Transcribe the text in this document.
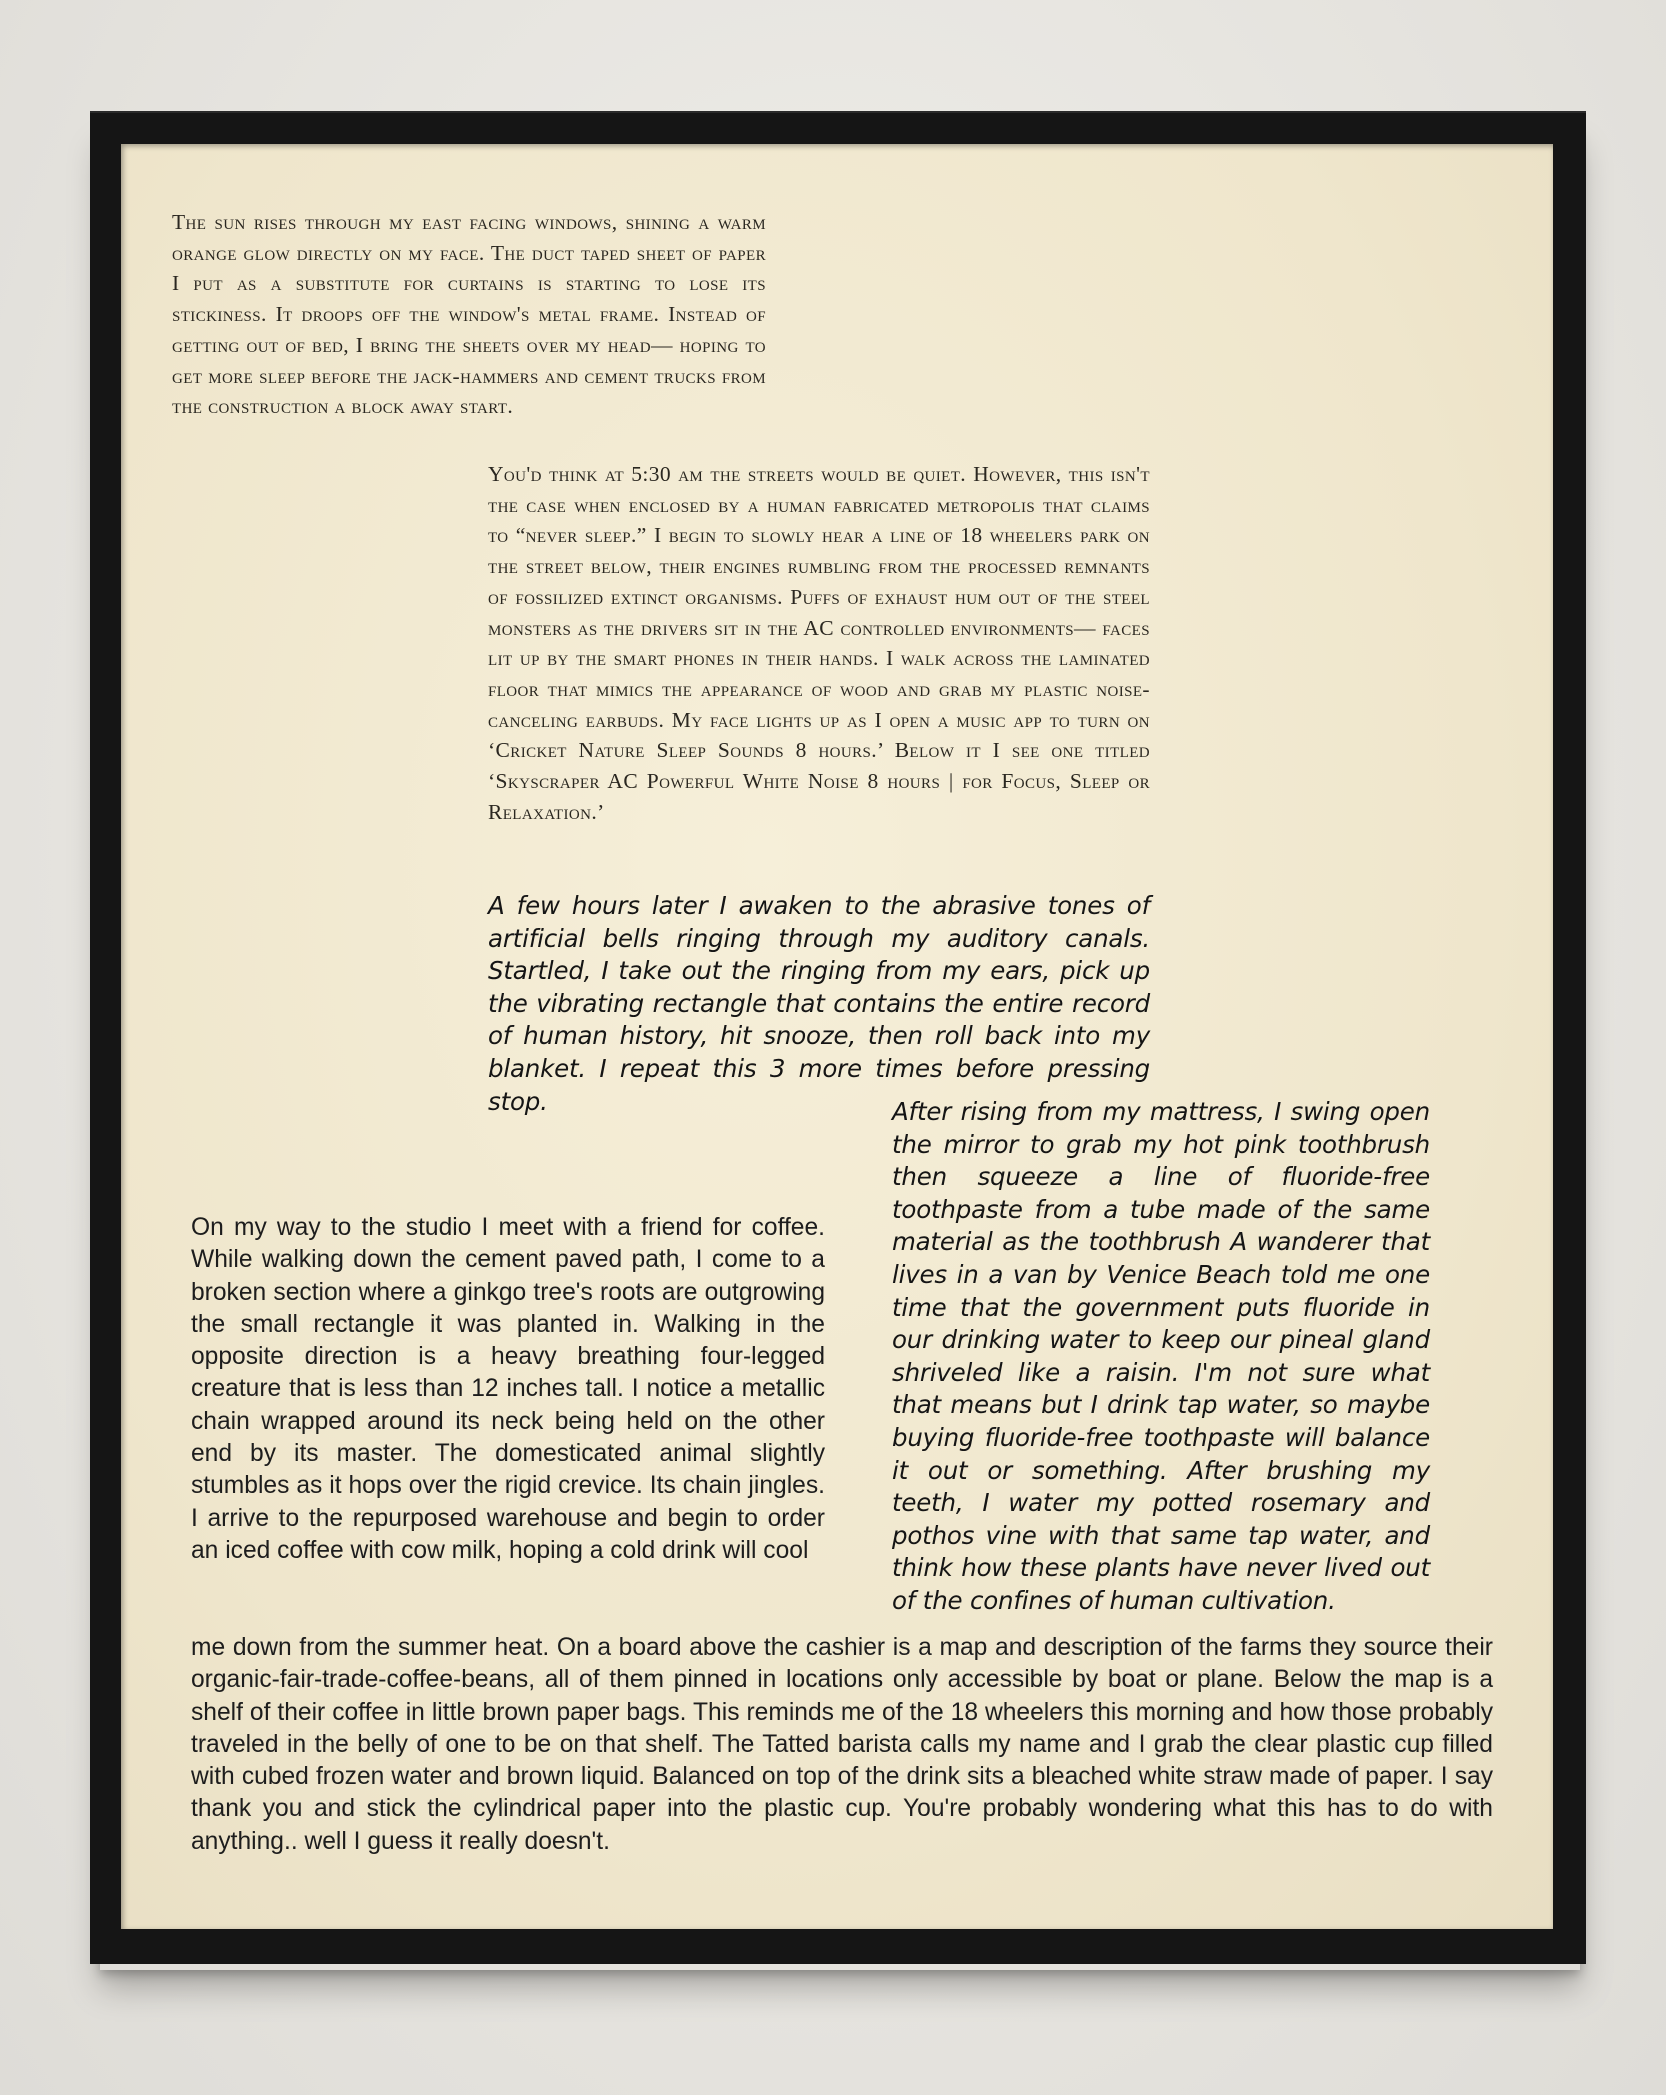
The sun rises through my east facing windows, shining a warm orange glow directly on my face. The duct taped sheet of paper I put as a substitute for curtains is starting to lose its stickiness. It droops off the window's metal frame. Instead of getting out of bed, I bring the sheets over my head— hoping to get more sleep before the jack-hammers and cement trucks from the construction a block away start.

You'd think at 5:30 am the streets would be quiet. However, this isn't the case when enclosed by a human fabricated metropolis that claims to “never sleep.” I begin to slowly hear a line of 18 wheelers park on the street below, their engines rumbling from the processed remnants of fossilized extinct organisms. Puffs of exhaust hum out of the steel monsters as the drivers sit in the AC controlled environments— faces lit up by the smart phones in their hands. I walk across the laminated floor that mimics the appearance of wood and grab my plastic noise-canceling earbuds. My face lights up as I open a music app to turn on ‘Cricket Nature Sleep Sounds 8 hours.’ Below it I see one titled ‘Skyscraper AC Powerful White Noise 8 hours | for Focus, Sleep or Relaxation.’

A few hours later I awaken to the abrasive tones of artificial bells ringing through my auditory canals. Startled, I take out the ringing from my ears, pick up the vibrating rectangle that contains the entire record of human history, hit snooze, then roll back into my blanket. I repeat this 3 more times before pressing stop.	After rising from my mattress, I swing open the mirror to grab my hot pink toothbrush then squeeze a line of fluoride-free toothpaste from a tube made of the same material as the toothbrush A wanderer that lives in a van by Venice Beach told me one time that the government puts fluoride in our drinking water to keep our pineal gland shriveled like a raisin. I'm not sure what that means but I drink tap water, so maybe buying fluoride-free toothpaste will balance it out or something. After brushing my teeth, I water my potted rosemary and pothos vine with that same tap water, and think how these plants have never lived out of the confines of human cultivation.

On my way to the studio I meet with a friend for coffee. While walking down the cement paved path, I come to a broken section where a ginkgo tree's roots are outgrowing the small rectangle it was planted in. Walking in the opposite direction is a heavy breathing four-legged creature that is less than 12 inches tall. I notice a metallic chain wrapped around its neck being held on the other end by its master. The domesticated animal slightly stumbles as it hops over the rigid crevice. Its chain jingles. I arrive to the repurposed warehouse and begin to order an iced coffee with cow milk, hoping a cold drink will cool

me down from the summer heat. On a board above the cashier is a map and description of the farms they source their organic-fair-trade-coffee-beans, all of them pinned in locations only accessible by boat or plane. Below the map is a shelf of their coffee in little brown paper bags. This reminds me of the 18 wheelers this morning and how those probably traveled in the belly of one to be on that shelf. The Tatted barista calls my name and I grab the clear plastic cup filled with cubed frozen water and brown liquid. Balanced on top of the drink sits a bleached white straw made of paper. I say thank you and stick the cylindrical paper into the plastic cup. You're probably wondering what this has to do with anything.. well I guess it really doesn't.
